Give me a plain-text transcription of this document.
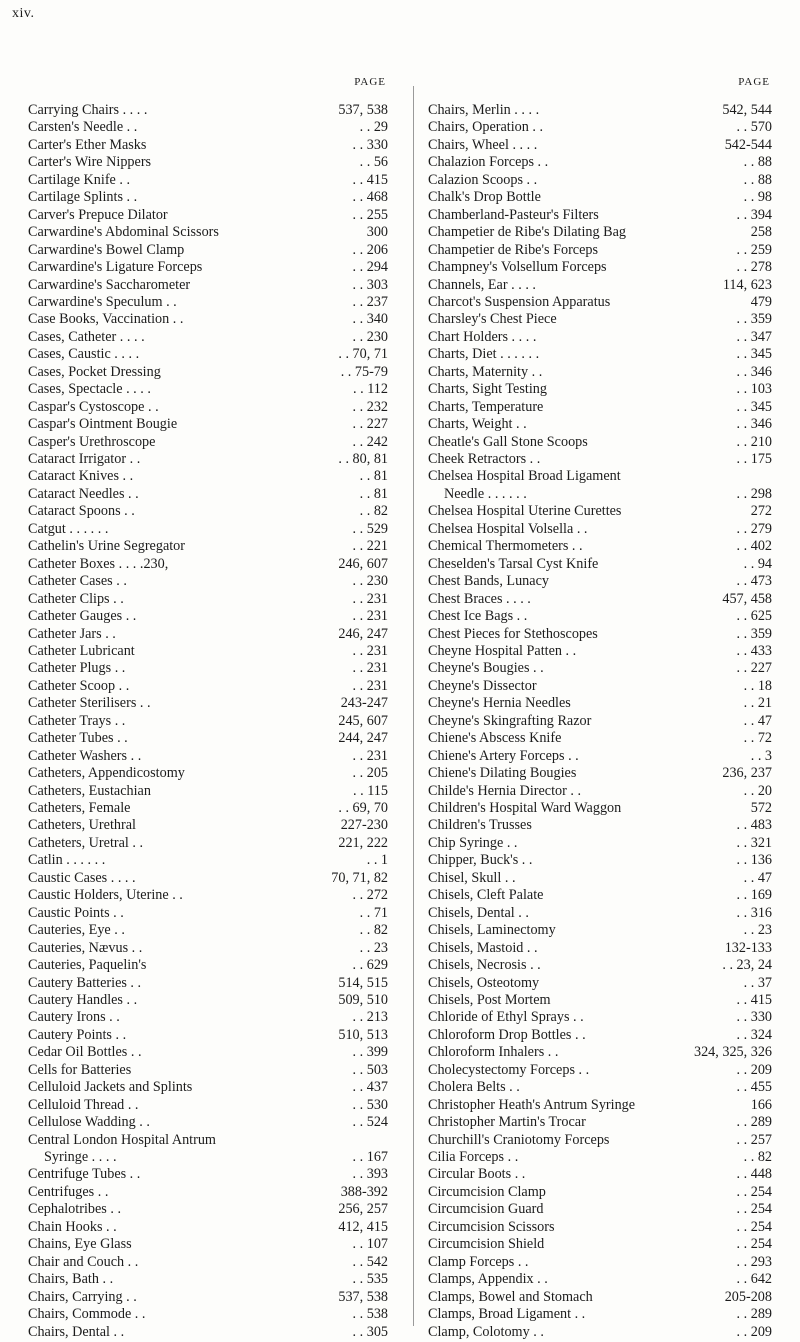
xiv.
PAGE
Carrying Chairs . . . .	537, 538
Carsten's Needle . .	. . 29
Carter's Ether Masks	. . 330
Carter's Wire Nippers	. . 56
Cartilage Knife . .	. . 415
Cartilage Splints . .	. . 468
Carver's Prepuce Dilator	. . 255
Carwardine's Abdominal Scissors	300
Carwardine's Bowel Clamp	. . 206
Carwardine's Ligature Forceps	. . 294
Carwardine's Saccharometer	. . 303
Carwardine's Speculum . .	. . 237
Case Books, Vaccination . .	. . 340
Cases, Catheter . . . .	. . 230
Cases, Caustic . . . .	. . 70, 71
Cases, Pocket Dressing	. . 75-79
Cases, Spectacle . . . .	. . 112
Caspar's Cystoscope . .	. . 232
Caspar's Ointment Bougie	. . 227
Casper's Urethroscope	. . 242
Cataract Irrigator . .	. . 80, 81
Cataract Knives . .	. . 81
Cataract Needles . .	. . 81
Cataract Spoons . .	. . 82
Catgut . . . . . .	. . 529
Cathelin's Urine Segregator	. . 221
Catheter Boxes . . . .230,	246, 607
Catheter Cases . .	. . 230
Catheter Clips . .	. . 231
Catheter Gauges . .	. . 231
Catheter Jars . .	246, 247
Catheter Lubricant	. . 231
Catheter Plugs . .	. . 231
Catheter Scoop . .	. . 231
Catheter Sterilisers . .	243-247
Catheter Trays . .	245, 607
Catheter Tubes . .	244, 247
Catheter Washers . .	. . 231
Catheters, Appendicostomy	. . 205
Catheters, Eustachian	. . 115
Catheters, Female	. . 69, 70
Catheters, Urethral	227-230
Catheters, Uretral . .	221, 222
Catlin . . . . . .	. . 1
Caustic Cases . . . .	70, 71, 82
Caustic Holders, Uterine . .	. . 272
Caustic Points . .	. . 71
Cauteries, Eye . .	. . 82
Cauteries, Nævus . .	. . 23
Cauteries, Paquelin's	. . 629
Cautery Batteries . .	514, 515
Cautery Handles . .	509, 510
Cautery Irons . .	. . 213
Cautery Points . .	510, 513
Cedar Oil Bottles . .	. . 399
Cells for Batteries	. . 503
Celluloid Jackets and Splints	. . 437
Celluloid Thread . .	. . 530
Cellulose Wadding . .	. . 524
Central London Hospital Antrum
Syringe . . . .	. . 167
Centrifuge Tubes . .	. . 393
Centrifuges . .	388-392
Cephalotribes . .	256, 257
Chain Hooks . .	412, 415
Chains, Eye Glass	. . 107
Chair and Couch . .	. . 542
Chairs, Bath . .	. . 535
Chairs, Carrying . .	537, 538
Chairs, Commode . .	. . 538
Chairs, Dental . .	. . 305
PAGE
Chairs, Merlin . . . .	542, 544
Chairs, Operation . .	. . 570
Chairs, Wheel . . . .	542-544
Chalazion Forceps . .	. . 88
Calazion Scoops . .	. . 88
Chalk's Drop Bottle	. . 98
Chamberland-Pasteur's Filters	. . 394
Champetier de Ribe's Dilating Bag	258
Champetier de Ribe's Forceps	. . 259
Champney's Volsellum Forceps	. . 278
Channels, Ear . . . .	114, 623
Charcot's Suspension Apparatus	479
Charsley's Chest Piece	. . 359
Chart Holders . . . .	. . 347
Charts, Diet . . . . . .	. . 345
Charts, Maternity . .	. . 346
Charts, Sight Testing	. . 103
Charts, Temperature	. . 345
Charts, Weight . .	. . 346
Cheatle's Gall Stone Scoops	. . 210
Cheek Retractors . .	. . 175
Chelsea Hospital Broad Ligament
Needle . . . . . .	. . 298
Chelsea Hospital Uterine Curettes	272
Chelsea Hospital Volsella . .	. . 279
Chemical Thermometers . .	. . 402
Cheselden's Tarsal Cyst Knife	. . 94
Chest Bands, Lunacy	. . 473
Chest Braces . . . .	457, 458
Chest Ice Bags . .	. . 625
Chest Pieces for Stethoscopes	. . 359
Cheyne Hospital Patten . .	. . 433
Cheyne's Bougies . .	. . 227
Cheyne's Dissector	. . 18
Cheyne's Hernia Needles	. . 21
Cheyne's Skingrafting Razor	. . 47
Chiene's Abscess Knife	. . 72
Chiene's Artery Forceps . .	. . 3
Chiene's Dilating Bougies	236, 237
Childe's Hernia Director . .	. . 20
Children's Hospital Ward Waggon	572
Children's Trusses	. . 483
Chip Syringe . .	. . 321
Chipper, Buck's . .	. . 136
Chisel, Skull . .	. . 47
Chisels, Cleft Palate	. . 169
Chisels, Dental . .	. . 316
Chisels, Laminectomy	. . 23
Chisels, Mastoid . .	132-133
Chisels, Necrosis . .	. . 23, 24
Chisels, Osteotomy	. . 37
Chisels, Post Mortem	. . 415
Chloride of Ethyl Sprays . .	. . 330
Chloroform Drop Bottles . .	. . 324
Chloroform Inhalers . .	324, 325, 326
Cholecystectomy Forceps . .	. . 209
Cholera Belts . .	. . 455
Christopher Heath's Antrum Syringe	166
Christopher Martin's Trocar	. . 289
Churchill's Craniotomy Forceps	. . 257
Cilia Forceps . .	. . 82
Circular Boots . .	. . 448
Circumcision Clamp	. . 254
Circumcision Guard	. . 254
Circumcision Scissors	. . 254
Circumcision Shield	. . 254
Clamp Forceps . .	. . 293
Clamps, Appendix . .	. . 642
Clamps, Bowel and Stomach	205-208
Clamps, Broad Ligament . .	. . 289
Clamp, Colotomy . .	. . 209
